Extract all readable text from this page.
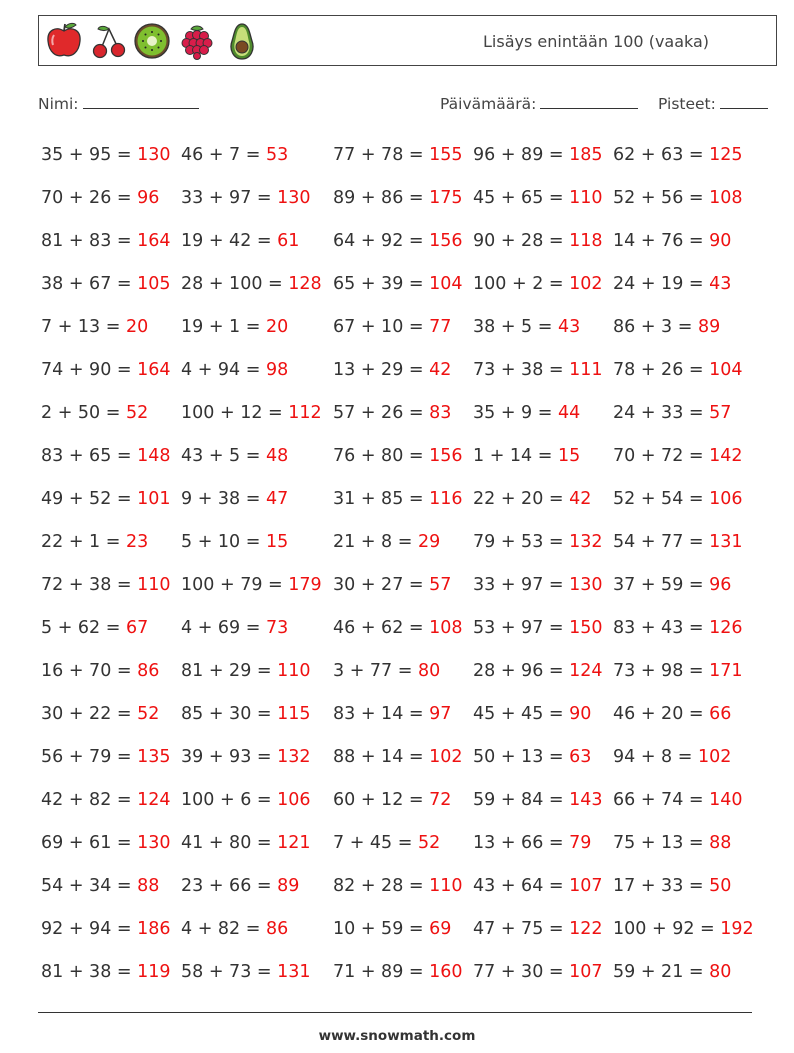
Lisäys enintään 100 (vaaka)
Nimi:	Päivämäärä:	Pisteet:
35 + 95 = 130
70 + 26 = 96
81 + 83 = 164
38 + 67 = 105
7 + 13 = 20
74 + 90 = 164
2 + 50 = 52
83 + 65 = 148
49 + 52 = 101
22 + 1 = 23
72 + 38 = 110
5 + 62 = 67
16 + 70 = 86
30 + 22 = 52
56 + 79 = 135
42 + 82 = 124
69 + 61 = 130
54 + 34 = 88
92 + 94 = 186
81 + 38 = 119
46 + 7 = 53
33 + 97 = 130
19 + 42 = 61
28 + 100 = 128
19 + 1 = 20
4 + 94 = 98
100 + 12 = 112
43 + 5 = 48
9 + 38 = 47
5 + 10 = 15
100 + 79 = 179
4 + 69 = 73
81 + 29 = 110
85 + 30 = 115
39 + 93 = 132
100 + 6 = 106
41 + 80 = 121
23 + 66 = 89
4 + 82 = 86
58 + 73 = 131
77 + 78 = 155
89 + 86 = 175
64 + 92 = 156
65 + 39 = 104
67 + 10 = 77
13 + 29 = 42
57 + 26 = 83
76 + 80 = 156
31 + 85 = 116
21 + 8 = 29
30 + 27 = 57
46 + 62 = 108
3 + 77 = 80
83 + 14 = 97
88 + 14 = 102
60 + 12 = 72
7 + 45 = 52
82 + 28 = 110
10 + 59 = 69
71 + 89 = 160
96 + 89 = 185
45 + 65 = 110
90 + 28 = 118
100 + 2 = 102
38 + 5 = 43
73 + 38 = 111
35 + 9 = 44
1 + 14 = 15
22 + 20 = 42
79 + 53 = 132
33 + 97 = 130
53 + 97 = 150
28 + 96 = 124
45 + 45 = 90
50 + 13 = 63
59 + 84 = 143
13 + 66 = 79
43 + 64 = 107
47 + 75 = 122
77 + 30 = 107
62 + 63 = 125
52 + 56 = 108
14 + 76 = 90
24 + 19 = 43
86 + 3 = 89
78 + 26 = 104
24 + 33 = 57
70 + 72 = 142
52 + 54 = 106
54 + 77 = 131
37 + 59 = 96
83 + 43 = 126
73 + 98 = 171
46 + 20 = 66
94 + 8 = 102
66 + 74 = 140
75 + 13 = 88
17 + 33 = 50
100 + 92 = 192
59 + 21 = 80
www.snowmath.com
